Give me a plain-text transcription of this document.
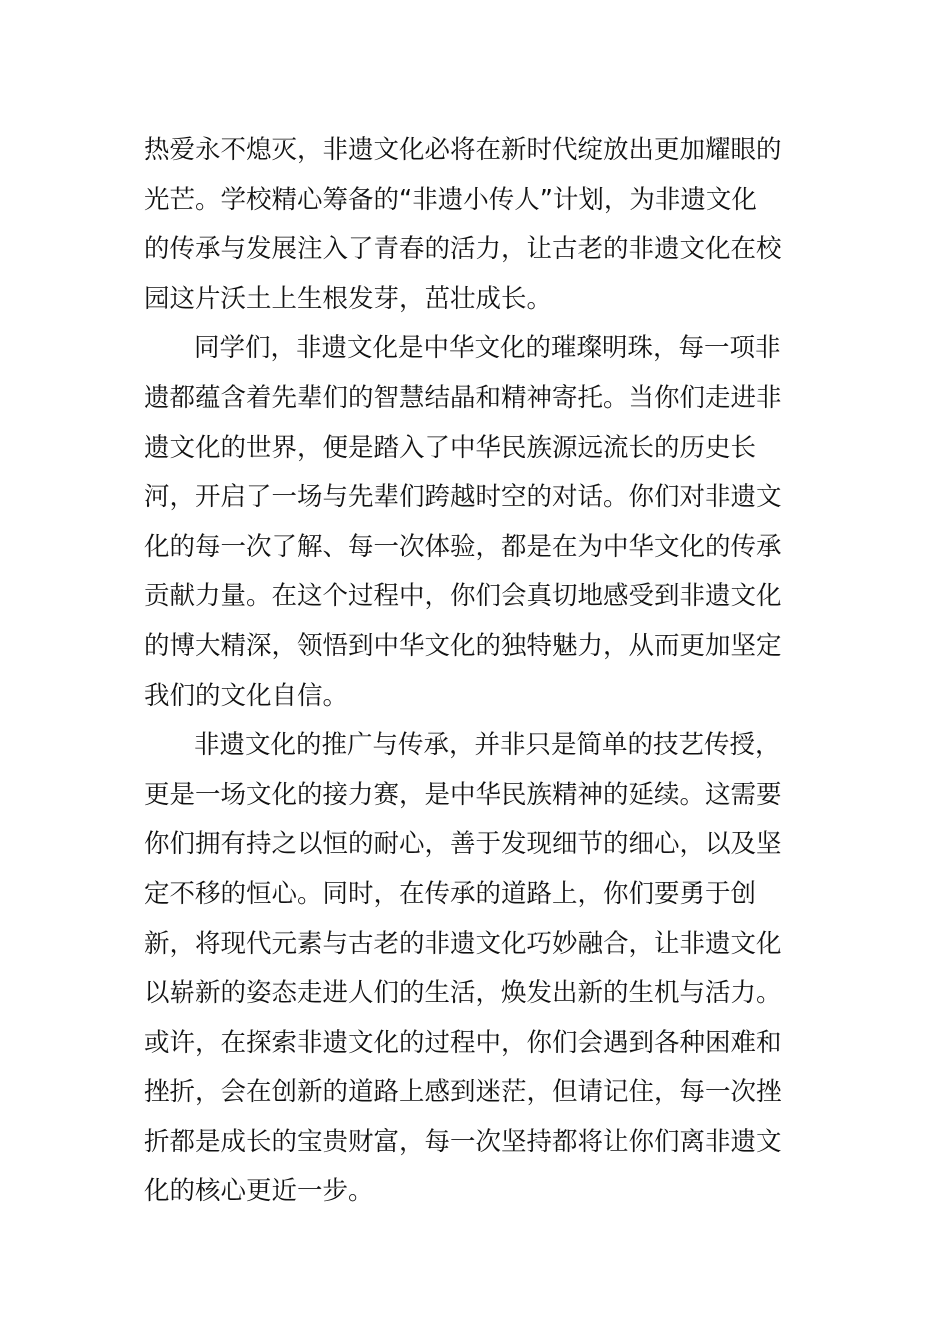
热爱永不熄灭，非遗文化必将在新时代绽放出更加耀眼的
光芒。学校精心筹备的“非遗小传人”计划，为非遗文化
的传承与发展注入了青春的活力，让古老的非遗文化在校
园这片沃土上生根发芽，茁壮成长。
同学们，非遗文化是中华文化的璀璨明珠，每一项非
遗都蕴含着先辈们的智慧结晶和精神寄托。当你们走进非
遗文化的世界，便是踏入了中华民族源远流长的历史长
河，开启了一场与先辈们跨越时空的对话。你们对非遗文
化的每一次了解、每一次体验，都是在为中华文化的传承
贡献力量。在这个过程中，你们会真切地感受到非遗文化
的博大精深，领悟到中华文化的独特魅力，从而更加坚定
我们的文化自信。
非遗文化的推广与传承，并非只是简单的技艺传授，
更是一场文化的接力赛，是中华民族精神的延续。这需要
你们拥有持之以恒的耐心，善于发现细节的细心，以及坚
定不移的恒心。同时，在传承的道路上，你们要勇于创
新，将现代元素与古老的非遗文化巧妙融合，让非遗文化
以崭新的姿态走进人们的生活，焕发出新的生机与活力。
或许，在探索非遗文化的过程中，你们会遇到各种困难和
挫折，会在创新的道路上感到迷茫，但请记住，每一次挫
折都是成长的宝贵财富，每一次坚持都将让你们离非遗文
化的核心更近一步。
